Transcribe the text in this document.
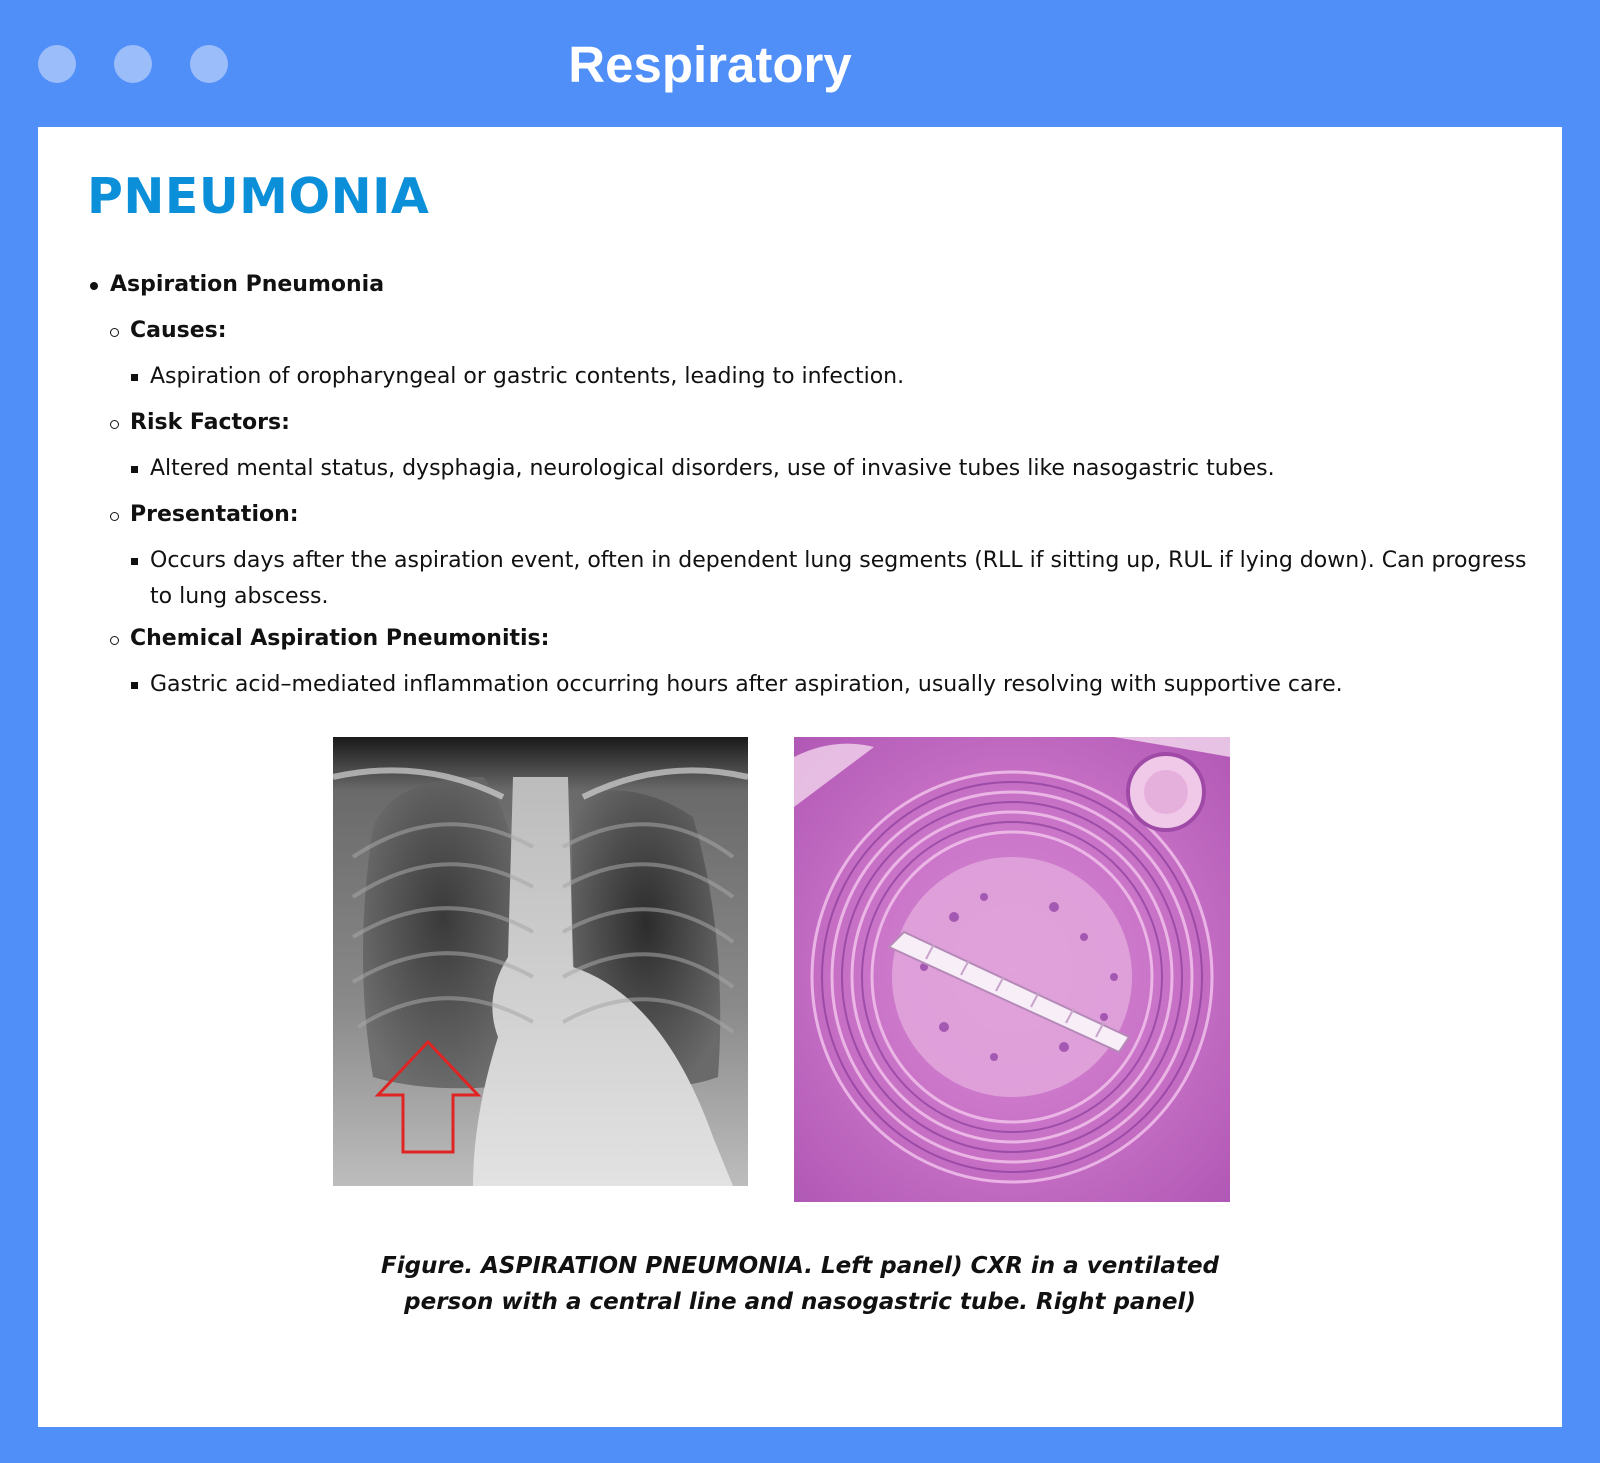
Respiratory
PNEUMONIA
Aspiration Pneumonia
Causes:
Aspiration of oropharyngeal or gastric contents, leading to infection.
Risk Factors:
Altered mental status, dysphagia, neurological disorders, use of invasive tubes like nasogastric tubes.
Presentation:
Occurs days after the aspiration event, often in dependent lung segments (RLL if sitting up, RUL if lying down). Can progress
to lung abscess.
Chemical Aspiration Pneumonitis:
Gastric acid–mediated inflammation occurring hours after aspiration, usually resolving with supportive care.
Figure. ASPIRATION PNEUMONIA. Left panel) CXR in a ventilated
person with a central line and nasogastric tube. Right panel)
